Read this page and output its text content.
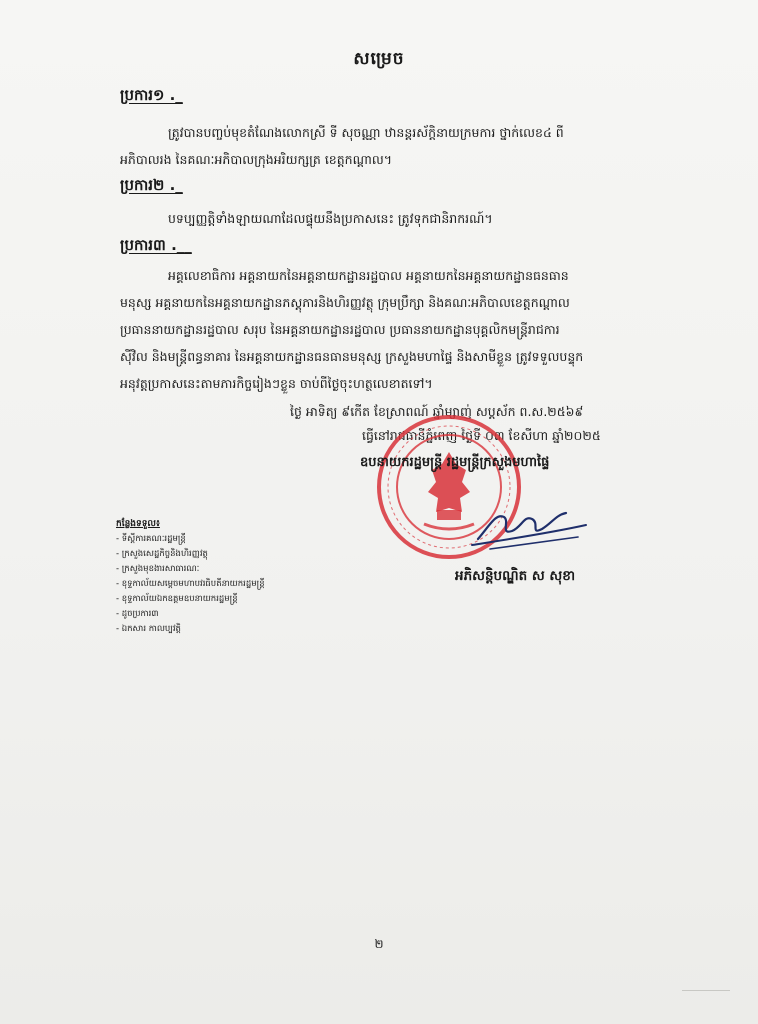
សម្រេច
ប្រការ១ ._
ត្រូវបានបញ្ចប់មុខតំណែងលោកស្រី ទី សុចណ្ណា ឋានន្តរស័ក្តិនាយក្រមការ ថ្នាក់លេខ៤ ពី
អភិបាលរង នៃគណៈអភិបាលក្រុងអរិយក្សត្រ ខេត្តកណ្ដាល។
ប្រការ២ ._
បទប្បញ្ញត្តិទាំងឡាយណាដែលផ្ទុយនឹងប្រកាសនេះ ត្រូវទុកជានិរាករណ៍។
ប្រការ៣ .__
អគ្គលេខាធិការ អគ្គនាយកនៃអគ្គនាយកដ្ឋានរដ្ឋបាល អគ្គនាយកនៃអគ្គនាយកដ្ឋានធនធាន
មនុស្ស អគ្គនាយកនៃអគ្គនាយកដ្ឋានភស្តុភារនិងហិរញ្ញវត្ថុ ក្រុមប្រឹក្សា និងគណៈអភិបាលខេត្តកណ្ដាល
ប្រធាននាយកដ្ឋានរដ្ឋបាល សរុប នៃអគ្គនាយកដ្ឋានរដ្ឋបាល ប្រធាននាយកដ្ឋានបុគ្គលិកមន្ត្រីរាជការ
ស៊ីវិល និងមន្ត្រីពន្ធនាគារ នៃអគ្គនាយកដ្ឋានធនធានមនុស្ស ក្រសួងមហាផ្ទៃ និងសាមីខ្លួន ត្រូវទទួលបន្ទុក
អនុវត្តប្រកាសនេះតាមភារកិច្ចរៀងៗខ្លួន ចាប់ពីថ្ងៃចុះហត្ថលេខាតទៅ។
ថ្ងៃ អាទិត្យ ៩កើត ខែស្រាពណ៍ ឆ្នាំម្សាញ់ សប្តស័ក ព.ស.២៥៦៩
ធ្វើនៅរាជធានីភ្នំពេញ ថ្ងៃទី ០៣ ខែសីហា ឆ្នាំ២០២៥
ឧបនាយករដ្ឋមន្ត្រី រដ្ឋមន្ត្រីក្រសួងមហាផ្ទៃ
អភិសន្តិបណ្ឌិត ស សុខា
កន្លែងទទួល៖
- ទីស្តីការគណៈរដ្ឋមន្ត្រី
- ក្រសួងសេដ្ឋកិច្ចនិងហិរញ្ញវត្ថុ
- ក្រសួងមុខងារសាធារណៈ
- ខុទ្ទកាល័យសម្ដេចមហាបវរធិបតីនាយករដ្ឋមន្ត្រី
- ខុទ្ទកាល័យឯកឧត្ដមឧបនាយករដ្ឋមន្ត្រី
- ដូចប្រការ៣
- ឯកសារ កាលប្បវត្តិ
២
